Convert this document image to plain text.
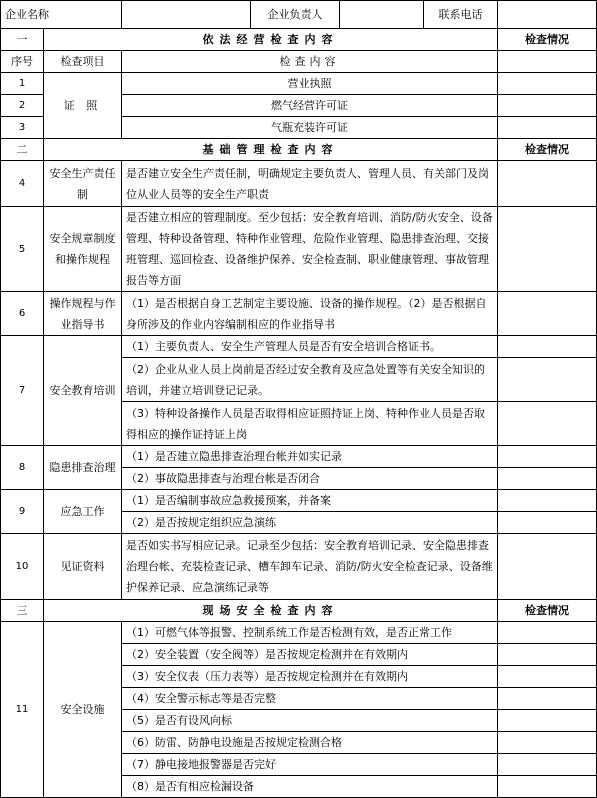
企业名称			企业负责人		联系电话	
一	依法经营检查内容					检查情况
序号	检查项目	检查内容				
1	证 照	营业执照				
2		燃气经营许可证				
3		气瓶充装许可证				
二	基础管理检查内容					检查情况
4	安全生产责任制	是否建立安全生产责任制，明确规定主要负责人、管理人员、有关部门及岗位从业人员等的安全生产职责				
5	安全规章制度和操作规程	是否建立相应的管理制度。至少包括：安全教育培训、消防/防火安全、设备管理、特种设备管理、特种作业管理、危险作业管理、隐患排查治理、交接班管理、巡回检查、设备维护保养、安全检查制、职业健康管理、事故管理报告等方面				
6	操作规程与作业指导书	（1）是否根据自身工艺制定主要设施、设备的操作规程。（2）是否根据自身所涉及的作业内容编制相应的作业指导书				
7	安全教育培训	（1）主要负责人、安全生产管理人员是否有安全培训合格证书。				
		（2）企业从业人员上岗前是否经过安全教育及应急处置等有关安全知识的培训，并建立培训登记记录。				
		（3）特种设备操作人员是否取得相应证照持证上岗、特种作业人员是否取得相应的操作证持证上岗				
8	隐患排查治理	（1）是否建立隐患排查治理台帐并如实记录				
		（2）事故隐患排查与治理台帐是否闭合				
9	应急工作	（1）是否编制事故应急救援预案，并备案				
		（2）是否按规定组织应急演练				
10	见证资料	是否如实书写相应记录。记录至少包括：安全教育培训记录、安全隐患排查治理台帐、充装检查记录、槽车卸车记录、消防/防火安全检查记录、设备维护保养记录、应急演练记录等				
三	现场安全检查内容					检查情况
11	安全设施	（1）可燃气体等报警、控制系统工作是否检测有效，是否正常工作				
		（2）安全装置（安全阀等）是否按规定检测并在有效期内				
		（3）安全仪表（压力表等）是否按规定检测并在有效期内				
		（4）安全警示标志等是否完整				
		（5）是否有设风向标				
		（6）防雷、防静电设施是否按规定检测合格				
		（7）静电接地报警器是否完好				
		（8）是否有相应检漏设备				
